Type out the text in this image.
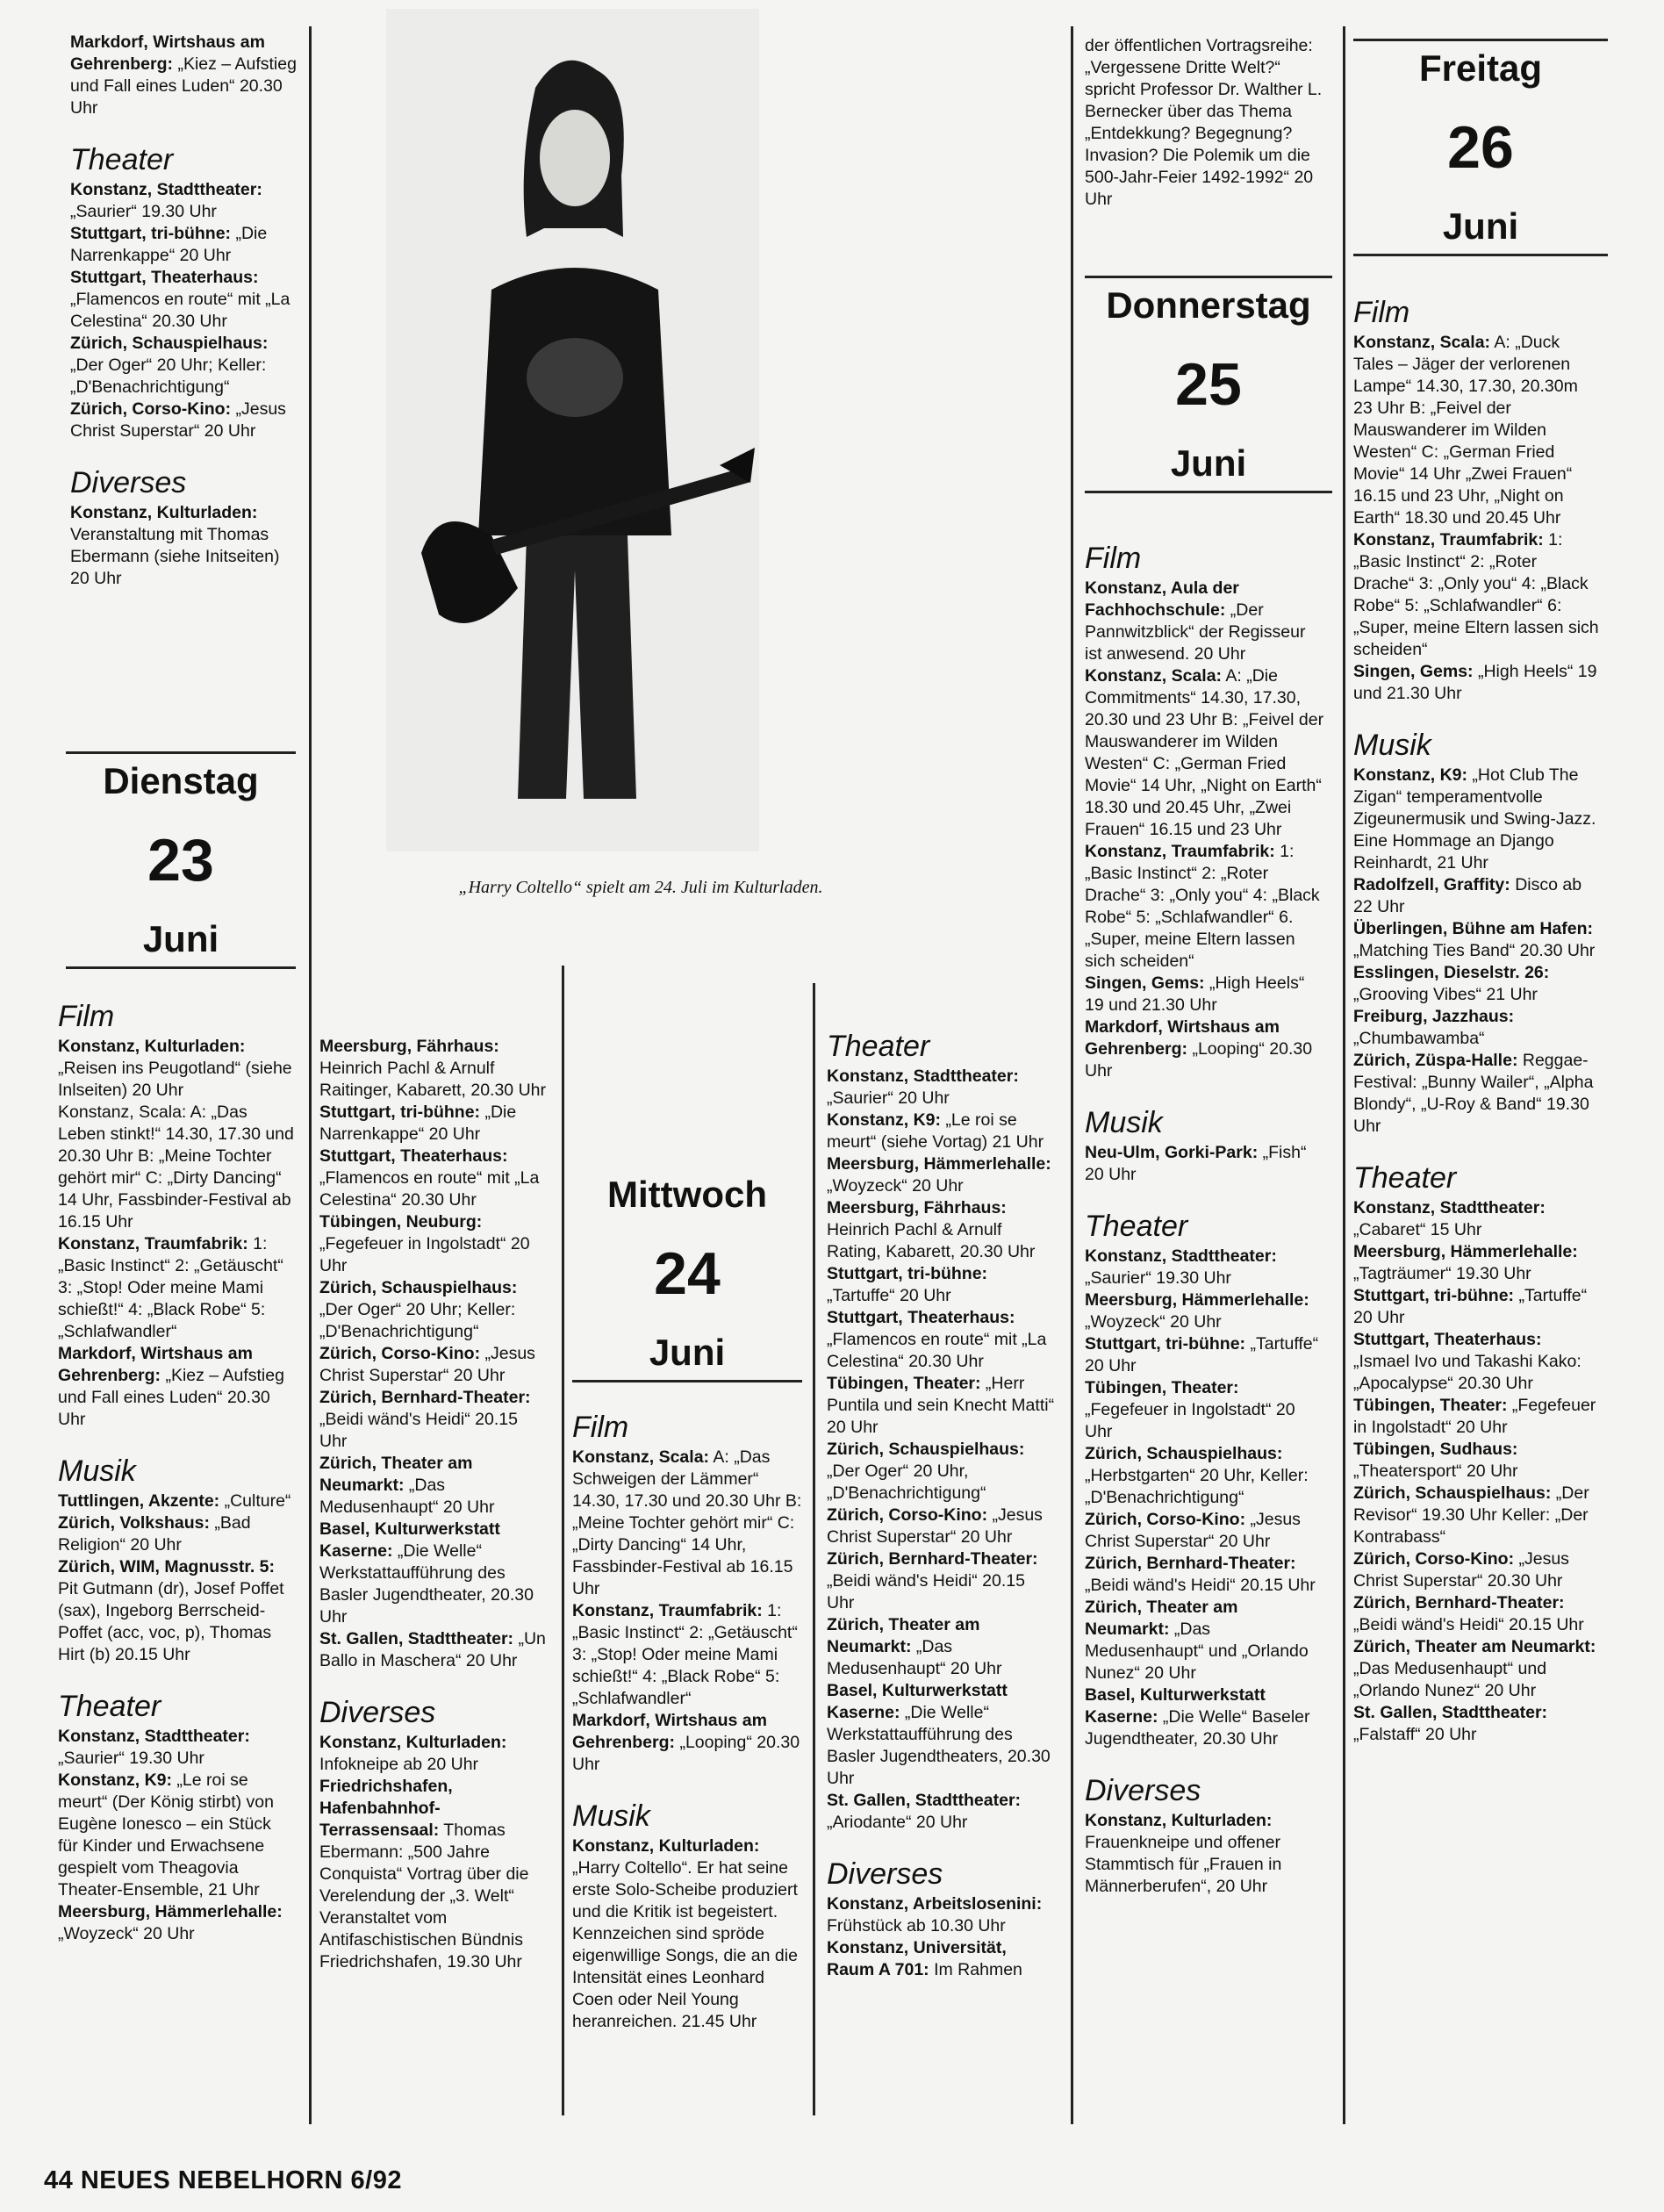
Markdorf, Wirtshaus am Gehrenberg: „Kiez – Aufstieg und Fall eines Luden“ 20.30 Uhr

Theater

Konstanz, Stadttheater: „Saurier“ 19.30 Uhr

Stuttgart, tri-bühne: „Die Narrenkappe“ 20 Uhr

Stuttgart, Theaterhaus: „Flamencos en route“ mit „La Celestina“ 20.30 Uhr

Zürich, Schauspielhaus: „Der Oger“ 20 Uhr; Keller: „D'Benachrichtigung“

Zürich, Corso-Kino: „Jesus Christ Superstar“ 20 Uhr

Diverses

Konstanz, Kulturladen: Veranstaltung mit Thomas Ebermann (siehe Initseiten) 20 Uhr

Dienstag
23
Juni
Film

Konstanz, Kulturladen: „Reisen ins Peugotland“ (siehe Inlseiten) 20 Uhr

Konstanz, Scala: A: „Das Leben stinkt!“ 14.30, 17.30 und 20.30 Uhr B: „Meine Tochter gehört mir“ C: „Dirty Dancing“ 14 Uhr, Fassbinder-Festival ab 16.15 Uhr

Konstanz, Traumfabrik: 1: „Basic Instinct“ 2: „Getäuscht“ 3: „Stop! Oder meine Mami schießt!“ 4: „Black Robe“ 5: „Schlafwandler“

Markdorf, Wirtshaus am Gehrenberg: „Kiez – Aufstieg und Fall eines Luden“ 20.30 Uhr

Musik

Tuttlingen, Akzente: „Culture“

Zürich, Volkshaus: „Bad Religion“ 20 Uhr

Zürich, WIM, Magnusstr. 5: Pit Gutmann (dr), Josef Poffet (sax), Ingeborg Berrscheid-Poffet (acc, voc, p), Thomas Hirt (b) 20.15 Uhr

Theater

Konstanz, Stadttheater: „Saurier“ 19.30 Uhr

Konstanz, K9: „Le roi se meurt“ (Der König stirbt) von Eugène Ionesco – ein Stück für Kinder und Erwachsene gespielt vom Theagovia Theater-Ensemble, 21 Uhr

Meersburg, Hämmerlehalle: „Woyzeck“ 20 Uhr

„Harry Coltello“ spielt am 24. Juli im Kulturladen.

Meersburg, Fährhaus: Heinrich Pachl & Arnulf Raitinger, Kabarett, 20.30 Uhr

Stuttgart, tri-bühne: „Die Narrenkappe“ 20 Uhr

Stuttgart, Theaterhaus: „Flamencos en route“ mit „La Celestina“ 20.30 Uhr

Tübingen, Neuburg: „Fegefeuer in Ingolstadt“ 20 Uhr

Zürich, Schauspielhaus: „Der Oger“ 20 Uhr; Keller: „D'Benachrichtigung“

Zürich, Corso-Kino: „Jesus Christ Superstar“ 20 Uhr

Zürich, Bernhard-Theater: „Beidi wänd's Heidi“ 20.15 Uhr

Zürich, Theater am Neumarkt: „Das Medusenhaupt“ 20 Uhr

Basel, Kulturwerkstatt Kaserne: „Die Welle“ Werkstattaufführung des Basler Jugendtheater, 20.30 Uhr

St. Gallen, Stadttheater: „Un Ballo in Maschera“ 20 Uhr

Diverses

Konstanz, Kulturladen: Infokneipe ab 20 Uhr

Friedrichshafen, Hafenbahnhof-Terrassensaal: Thomas Ebermann: „500 Jahre Conquista“ Vortrag über die Verelendung der „3. Welt“ Veranstaltet vom Antifaschistischen Bündnis Friedrichshafen, 19.30 Uhr

Mittwoch
24
Juni
Film

Konstanz, Scala: A: „Das Schweigen der Lämmer“ 14.30, 17.30 und 20.30 Uhr B: „Meine Tochter gehört mir“ C: „Dirty Dancing“ 14 Uhr, Fassbinder-Festival ab 16.15 Uhr

Konstanz, Traumfabrik: 1: „Basic Instinct“ 2: „Getäuscht“ 3: „Stop! Oder meine Mami schießt!“ 4: „Black Robe“ 5: „Schlafwandler“

Markdorf, Wirtshaus am Gehrenberg: „Looping“ 20.30 Uhr

Musik

Konstanz, Kulturladen: „Harry Coltello“. Er hat seine erste Solo-Scheibe produziert und die Kritik ist begeistert. Kennzeichen sind spröde eigenwillige Songs, die an die Intensität eines Leonhard Coen oder Neil Young heranreichen. 21.45 Uhr

Theater

Konstanz, Stadttheater: „Saurier“ 20 Uhr

Konstanz, K9: „Le roi se meurt“ (siehe Vortag) 21 Uhr

Meersburg, Hämmerlehalle: „Woyzeck“ 20 Uhr

Meersburg, Fährhaus: Heinrich Pachl & Arnulf Rating, Kabarett, 20.30 Uhr

Stuttgart, tri-bühne: „Tartuffe“ 20 Uhr

Stuttgart, Theaterhaus: „Flamencos en route“ mit „La Celestina“ 20.30 Uhr

Tübingen, Theater: „Herr Puntila und sein Knecht Matti“ 20 Uhr

Zürich, Schauspielhaus: „Der Oger“ 20 Uhr, „D'Benachrichtigung“

Zürich, Corso-Kino: „Jesus Christ Superstar“ 20 Uhr

Zürich, Bernhard-Theater: „Beidi wänd's Heidi“ 20.15 Uhr

Zürich, Theater am Neumarkt: „Das Medusenhaupt“ 20 Uhr

Basel, Kulturwerkstatt Kaserne: „Die Welle“ Werkstattaufführung des Basler Jugendtheaters, 20.30 Uhr

St. Gallen, Stadttheater: „Ariodante“ 20 Uhr

Diverses

Konstanz, Arbeitslosenini: Frühstück ab 10.30 Uhr

Konstanz, Universität, Raum A 701: Im Rahmen

der öffentlichen Vortragsreihe: „Vergessene Dritte Welt?“ spricht Professor Dr. Walther L. Bernecker über das Thema „Entdekkung? Begegnung? Invasion? Die Polemik um die 500-Jahr-Feier 1492-1992“ 20 Uhr

Donnerstag
25
Juni
Film

Konstanz, Aula der Fachhochschule: „Der Pannwitzblick“ der Regisseur ist anwesend. 20 Uhr

Konstanz, Scala: A: „Die Commitments“ 14.30, 17.30, 20.30 und 23 Uhr B: „Feivel der Mauswanderer im Wilden Westen“ C: „German Fried Movie“ 14 Uhr, „Night on Earth“ 18.30 und 20.45 Uhr, „Zwei Frauen“ 16.15 und 23 Uhr

Konstanz, Traumfabrik: 1: „Basic Instinct“ 2: „Roter Drache“ 3: „Only you“ 4: „Black Robe“ 5: „Schlafwandler“ 6. „Super, meine Eltern lassen sich scheiden“

Singen, Gems: „High Heels“ 19 und 21.30 Uhr

Markdorf, Wirtshaus am Gehrenberg: „Looping“ 20.30 Uhr

Musik

Neu-Ulm, Gorki-Park: „Fish“ 20 Uhr

Theater

Konstanz, Stadttheater: „Saurier“ 19.30 Uhr

Meersburg, Hämmerlehalle: „Woyzeck“ 20 Uhr

Stuttgart, tri-bühne: „Tartuffe“ 20 Uhr

Tübingen, Theater: „Fegefeuer in Ingolstadt“ 20 Uhr

Zürich, Schauspielhaus: „Herbstgarten“ 20 Uhr, Keller: „D'Benachrichtigung“

Zürich, Corso-Kino: „Jesus Christ Superstar“ 20 Uhr

Zürich, Bernhard-Theater: „Beidi wänd's Heidi“ 20.15 Uhr

Zürich, Theater am Neumarkt: „Das Medusenhaupt“ und „Orlando Nunez“ 20 Uhr

Basel, Kulturwerkstatt Kaserne: „Die Welle“ Baseler Jugendtheater, 20.30 Uhr

Diverses

Konstanz, Kulturladen: Frauenkneipe und offener Stammtisch für „Frauen in Männerberufen“, 20 Uhr

Freitag
26
Juni
Film

Konstanz, Scala: A: „Duck Tales – Jäger der verlorenen Lampe“ 14.30, 17.30, 20.30m 23 Uhr B: „Feivel der Mauswanderer im Wilden Westen“ C: „German Fried Movie“ 14 Uhr „Zwei Frauen“ 16.15 und 23 Uhr, „Night on Earth“ 18.30 und 20.45 Uhr

Konstanz, Traumfabrik: 1: „Basic Instinct“ 2: „Roter Drache“ 3: „Only you“ 4: „Black Robe“ 5: „Schlafwandler“ 6: „Super, meine Eltern lassen sich scheiden“

Singen, Gems: „High Heels“ 19 und 21.30 Uhr

Musik

Konstanz, K9: „Hot Club The Zigan“ temperamentvolle Zigeunermusik und Swing-Jazz. Eine Hommage an Django Reinhardt, 21 Uhr

Radolfzell, Graffity: Disco ab 22 Uhr

Überlingen, Bühne am Hafen: „Matching Ties Band“ 20.30 Uhr

Esslingen, Dieselstr. 26: „Grooving Vibes“ 21 Uhr

Freiburg, Jazzhaus: „Chumbawamba“

Zürich, Züspa-Halle: Reggae-Festival: „Bunny Wailer“, „Alpha Blondy“, „U-Roy & Band“ 19.30 Uhr

Theater

Konstanz, Stadttheater: „Cabaret“ 15 Uhr

Meersburg, Hämmerlehalle: „Tagträumer“ 19.30 Uhr

Stuttgart, tri-bühne: „Tartuffe“ 20 Uhr

Stuttgart, Theaterhaus: „Ismael Ivo und Takashi Kako: „Apocalypse“ 20.30 Uhr

Tübingen, Theater: „Fegefeuer in Ingolstadt“ 20 Uhr

Tübingen, Sudhaus: „Theatersport“ 20 Uhr

Zürich, Schauspielhaus: „Der Revisor“ 19.30 Uhr Keller: „Der Kontrabass“

Zürich, Corso-Kino: „Jesus Christ Superstar“ 20.30 Uhr

Zürich, Bernhard-Theater: „Beidi wänd's Heidi“ 20.15 Uhr

Zürich, Theater am Neumarkt: „Das Medusenhaupt“ und „Orlando Nunez“ 20 Uhr

St. Gallen, Stadttheater: „Falstaff“ 20 Uhr

44 NEUES NEBELHORN 6/92
